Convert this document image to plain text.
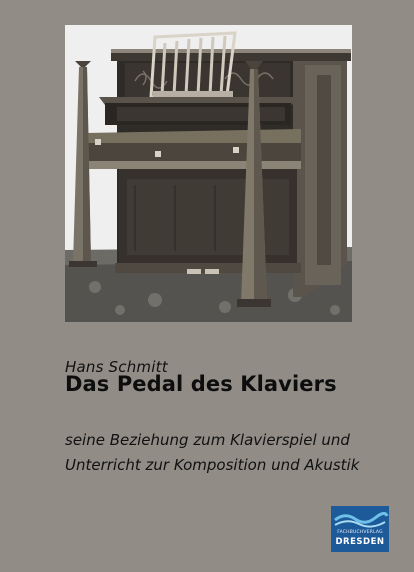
Hans Schmitt
Das Pedal des Klaviers
seine Beziehung zum Klavierspiel und
Unterricht zur Komposition und Akustik
FACHBUCHVERLAG
DRESDEN
